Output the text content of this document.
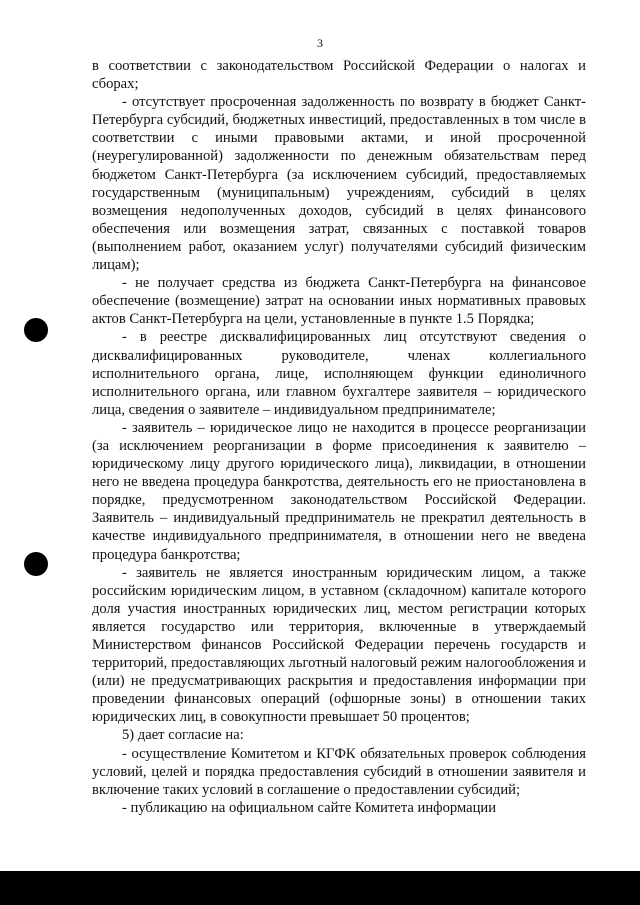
3

в соответствии с законодательством Российской Федерации о налогах и сборах;

- отсутствует просроченная задолженность по возврату в бюджет Санкт-Петербурга субсидий, бюджетных инвестиций, предоставленных в том числе в соответствии с иными правовыми актами, и иной просроченной (неурегулированной) задолженности по денежным обязательствам перед бюджетом Санкт-Петербурга (за исключением субсидий, предоставляемых государственным (муниципальным) учреждениям, субсидий в целях возмещения недополученных доходов, субсидий в целях финансового обеспечения или возмещения затрат, связанных с поставкой товаров (выполнением работ, оказанием услуг) получателями субсидий физическим лицам);

- не получает средства из бюджета Санкт-Петербурга на финансовое обеспечение (возмещение) затрат на основании иных нормативных правовых актов Санкт-Петербурга на цели, установленные в пункте 1.5 Порядка;

- в реестре дисквалифицированных лиц отсутствуют сведения о дисквалифицированных руководителе, членах коллегиального исполнительного органа, лице, исполняющем функции единоличного исполнительного органа, или главном бухгалтере заявителя – юридического лица, сведения о заявителе – индивидуальном предпринимателе;

- заявитель – юридическое лицо не находится в процессе реорганизации (за исключением реорганизации в форме присоединения к заявителю – юридическому лицу другого юридического лица), ликвидации, в отношении него не введена процедура банкротства, деятельность его не приостановлена в порядке, предусмотренном законодательством Российской Федерации. Заявитель – индивидуальный предприниматель не прекратил деятельность в качестве индивидуального предпринимателя, в отношении него не введена процедура банкротства;

- заявитель не является иностранным юридическим лицом, а также российским юридическим лицом, в уставном (складочном) капитале которого доля участия иностранных юридических лиц, местом регистрации которых является государство или территория, включенные в утверждаемый Министерством финансов Российской Федерации перечень государств и территорий, предоставляющих льготный налоговый режим налогообложения и (или) не предусматривающих раскрытия и предоставления информации при проведении финансовых операций (офшорные зоны) в отношении таких юридических лиц, в совокупности превышает 50 процентов;

5) дает согласие на:

- осуществление Комитетом и КГФК обязательных проверок соблюдения условий, целей и порядка предоставления субсидий в отношении заявителя и включение таких условий в соглашение о предоставлении субсидий;

- публикацию на официальном сайте Комитета информации
